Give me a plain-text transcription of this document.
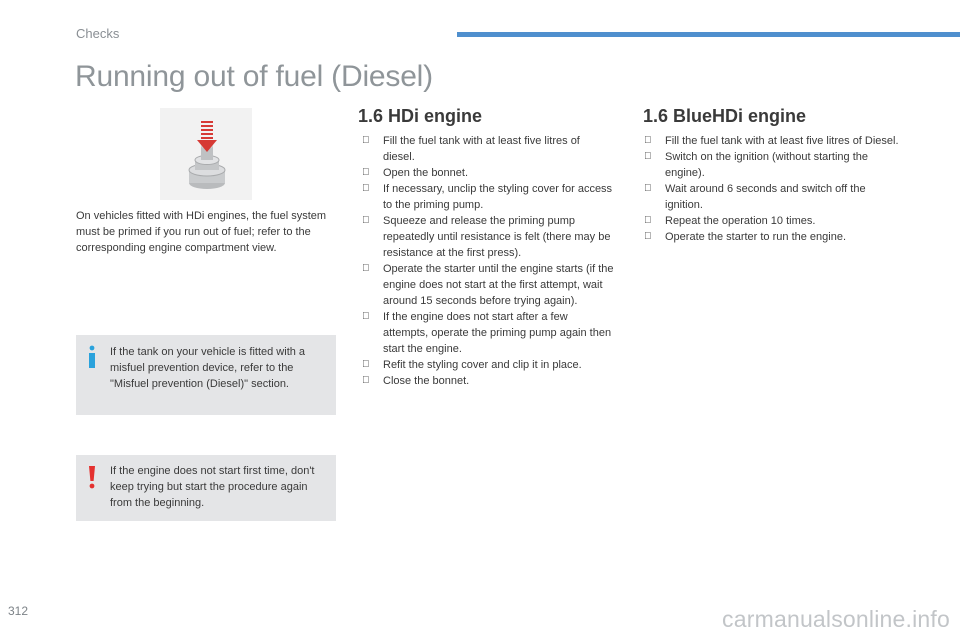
Checks
Running out of fuel (Diesel)

On vehicles fitted with HDi engines, the fuel system must be primed if you run out of fuel; refer to the corresponding engine compartment view.

If the tank on your vehicle is fitted with a misfuel prevention device, refer to the "Misfuel prevention (Diesel)" section.
If the engine does not start first time, don't keep trying but start the procedure again from the beginning.
1.6 HDi engine
Fill the fuel tank with at least five litres of diesel.
Open the bonnet.
If necessary, unclip the styling cover for access to the priming pump.
Squeeze and release the priming pump repeatedly until resistance is felt (there may be resistance at the first press).
Operate the starter until the engine starts (if the engine does not start at the first attempt, wait around 15 seconds before trying again).
If the engine does not start after a few attempts, operate the priming pump again then start the engine.
Refit the styling cover and clip it in place.
Close the bonnet.
1.6 BlueHDi engine
Fill the fuel tank with at least five litres of Diesel.
Switch on the ignition (without starting the engine).
Wait around 6 seconds and switch off the ignition.
Repeat the operation 10 times.
Operate the starter to run the engine.
312	carmanualsonline.info
